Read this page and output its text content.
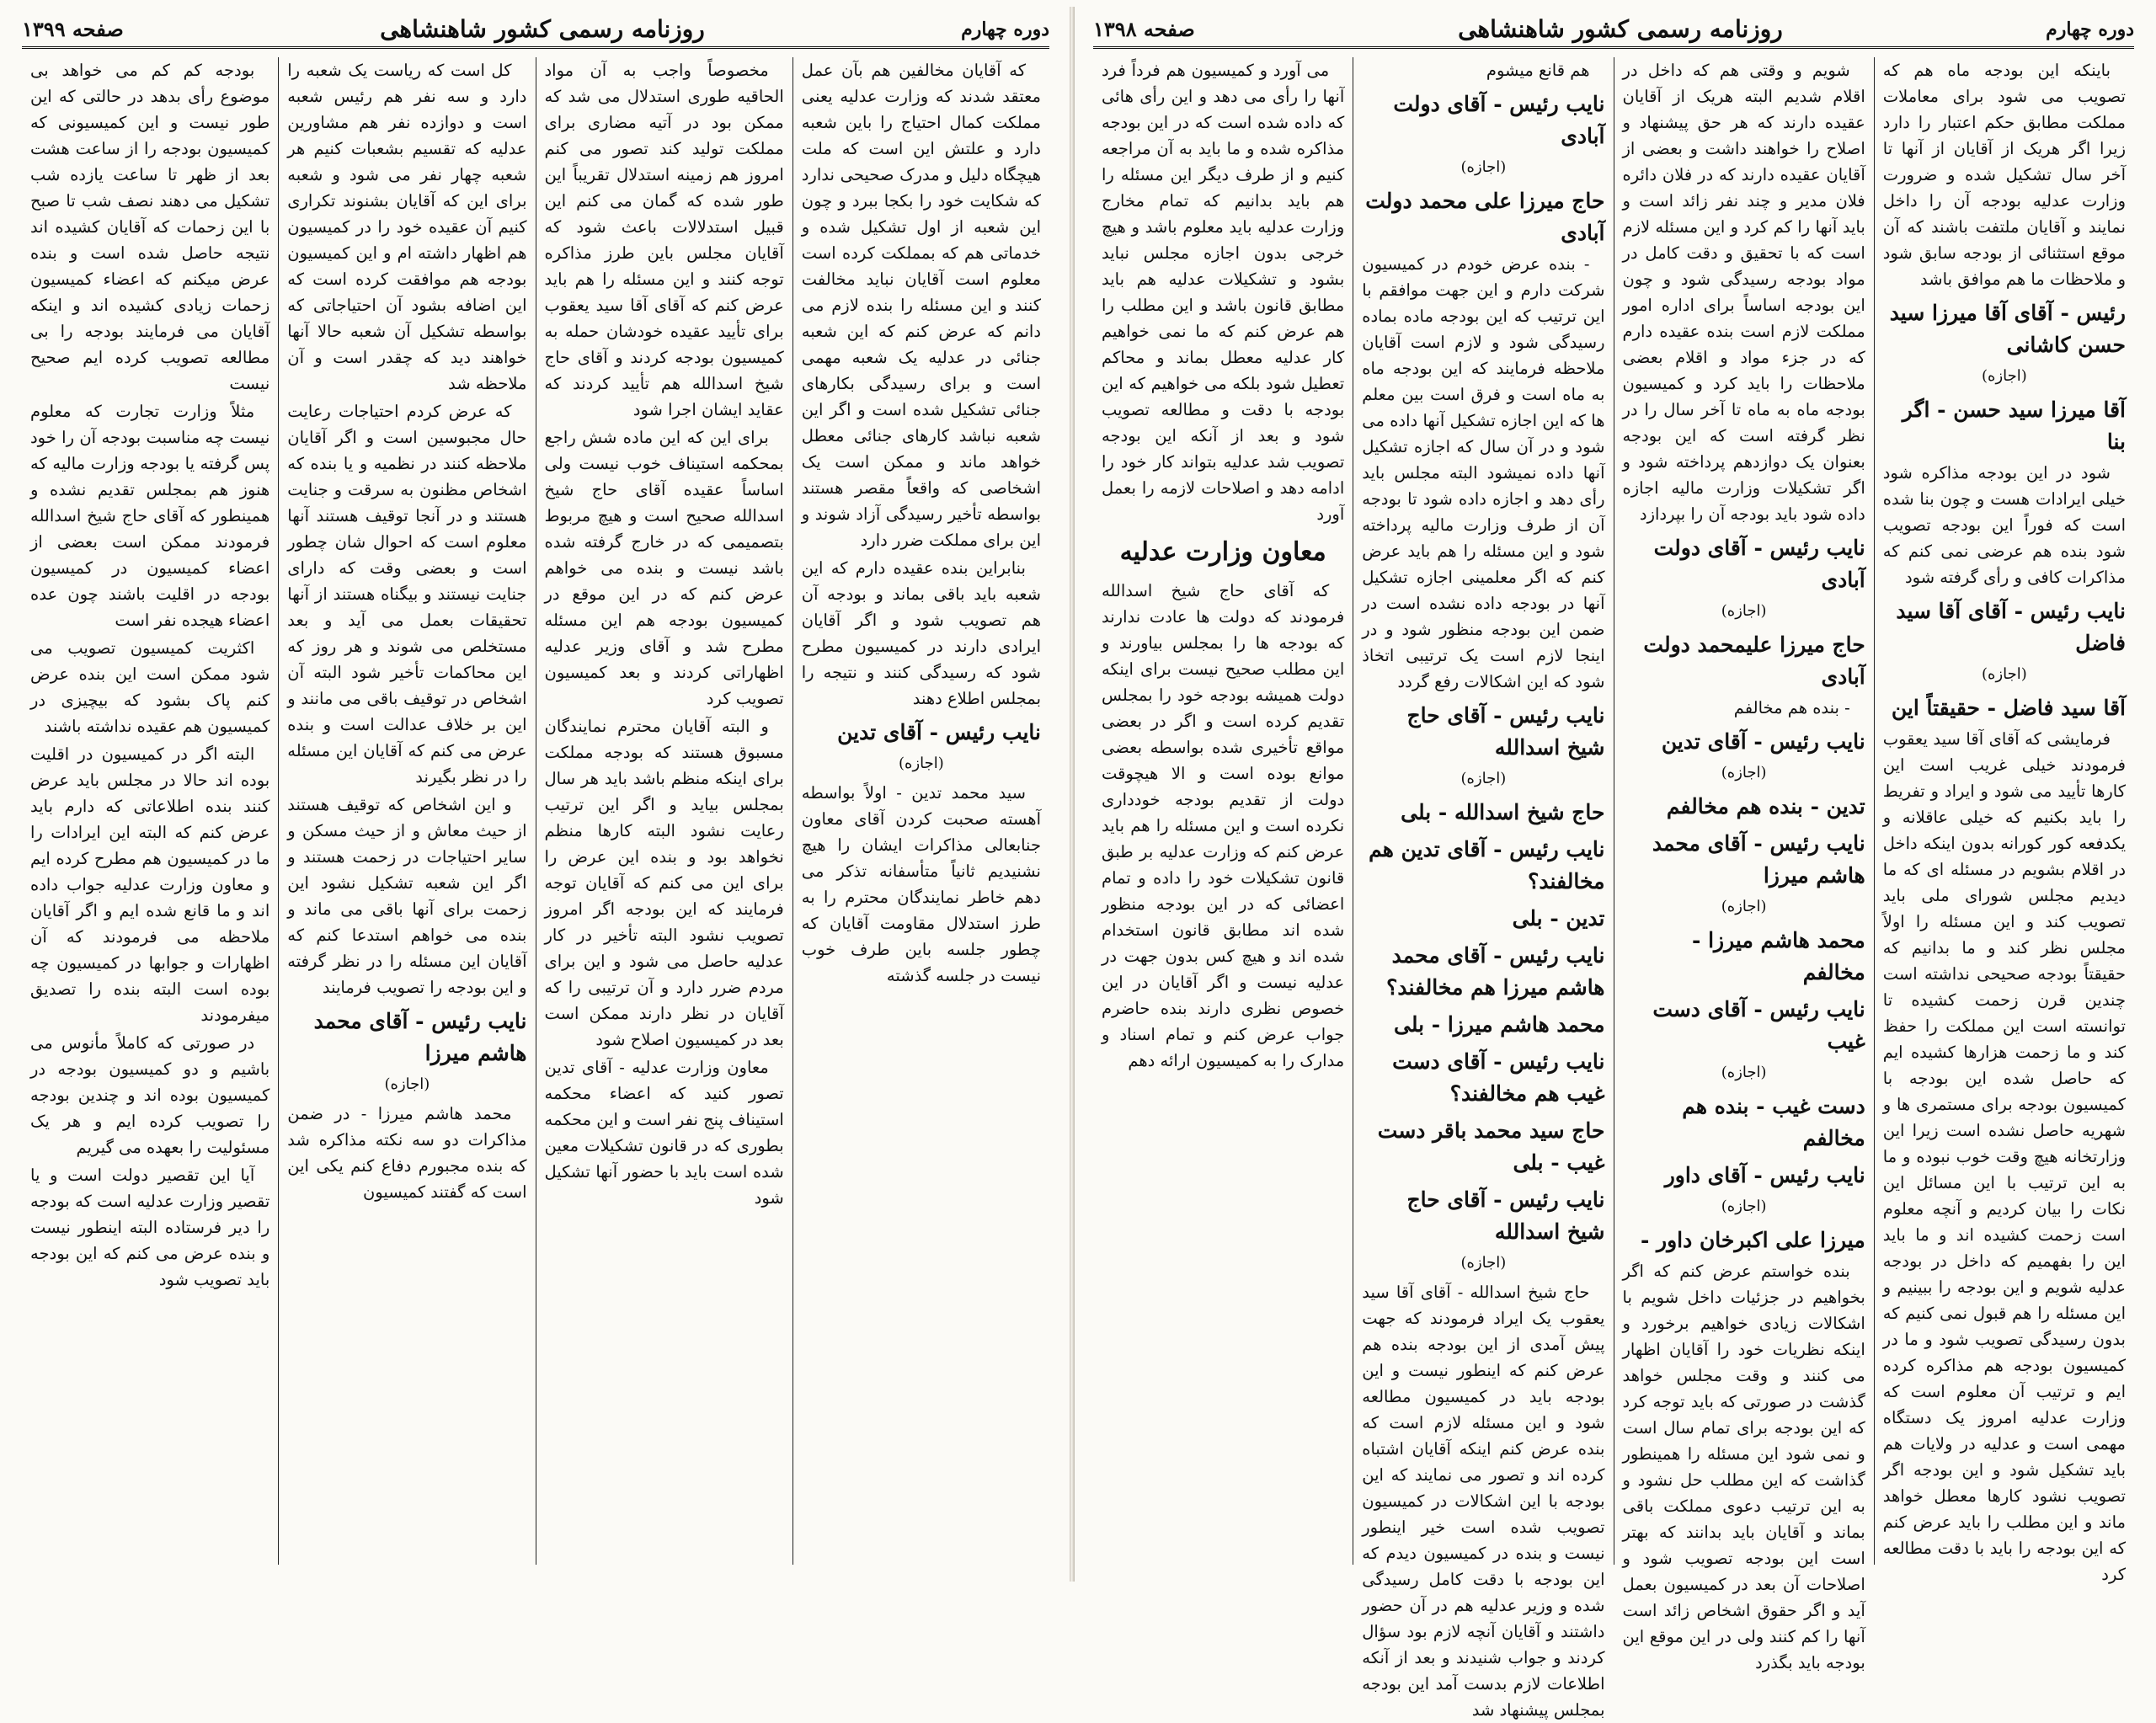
صفحه ۱۳۹۹	روزنامه رسمی کشور شاهنشاهی	دوره چهارم

که آقایان مخالفین هم بآن عمل معتقد شدند که وزارت عدلیه یعنی مملکت کمال احتیاج را باین شعبه دارد و علتش این است که ملت هیچگاه دلیل و مدرک صحیحی ندارد که شکایت خود را بکجا ببرد و چون این شعبه از اول تشکیل شده و خدماتی هم که بمملکت کرده است معلوم است آقایان نباید مخالفت کنند و این مسئله را بنده لازم می دانم که عرض کنم که این شعبه جنائی در عدلیه یک شعبه مهمی است و برای رسیدگی بکارهای جنائی تشکیل شده است و اگر این شعبه نباشد کارهای جنائی معطل خواهد ماند و ممکن است یک اشخاصی که واقعاً مقصر هستند بواسطه تأخیر رسیدگی آزاد شوند و این برای مملکت ضرر دارد

بنابراین بنده عقیده دارم که این شعبه باید باقی بماند و بودجه آن هم تصویب شود و اگر آقایان ایرادی دارند در کمیسیون مطرح شود که رسیدگی کنند و نتیجه را بمجلس اطلاع دهند

نایب رئیس - آقای تدین

(اجازه)

سید محمد تدین - اولاً بواسطه آهسته صحبت کردن آقای معاون جنابعالی مذاکرات ایشان را هیچ نشنیدیم ثانیاً متأسفانه تذکر می دهم خاطر نمایندگان محترم را به طرز استدلال مقاومت آقایان که چطور جلسه باین طرف خوب نیست در جلسه گذشته

مخصوصاً واجب به آن مواد الحاقیه طوری استدلال می شد که ممکن بود در آتیه مضاری برای مملکت تولید کند تصور می کنم امروز هم زمینه استدلال تقریباً این طور شده که گمان می کنم این قبیل استدلالات باعث شود که آقایان مجلس باین طرز مذاکره توجه کنند و این مسئله را هم باید عرض کنم که آقای آقا سید یعقوب برای تأیید عقیده خودشان حمله به کمیسیون بودجه کردند و آقای حاج شیخ اسدالله هم تأیید کردند که عقاید ایشان اجرا شود

برای این که این ماده شش راجع بمحکمه استیناف خوب نیست ولی اساساً عقیده آقای حاج شیخ اسدالله صحیح است و هیچ مربوط بتصمیمی که در خارج گرفته شده باشد نیست و بنده می خواهم عرض کنم که در این موقع در کمیسیون بودجه هم این مسئله مطرح شد و آقای وزیر عدلیه اظهاراتی کردند و بعد کمیسیون تصویب کرد

و البته آقایان محترم نمایندگان مسبوق هستند که بودجه مملکت برای اینکه منظم باشد باید هر سال بمجلس بیاید و اگر این ترتیب رعایت نشود البته کارها منظم نخواهد بود و بنده این عرض را برای این می کنم که آقایان توجه فرمایند که این بودجه اگر امروز تصویب نشود البته تأخیر در کار عدلیه حاصل می شود و این برای مردم ضرر دارد و آن ترتیبی را که آقایان در نظر دارند ممکن است بعد در کمیسیون اصلاح شود

معاون وزارت عدلیه - آقای تدین تصور کنید که اعضاء محکمه استیناف پنج نفر است و این محکمه بطوری که در قانون تشکیلات معین شده است باید با حضور آنها تشکیل شود

کل است که ریاست یک شعبه را دارد و سه نفر هم رئیس شعبه است و دوازده نفر هم مشاورین عدلیه که تقسیم بشعبات کنیم هر شعبه چهار نفر می شود و شعبه برای این که آقایان بشنوند تکراری کنیم آن عقیده خود را در کمیسیون هم اظهار داشته ام و این کمیسیون بودجه هم موافقت کرده است که این اضافه بشود آن احتیاجاتی که بواسطه تشکیل آن شعبه حالا آنها خواهند دید که چقدر است و آن ملاحظه شد

که عرض کردم احتیاجات رعایت حال مجبوسین است و اگر آقایان ملاحظه کنند در نظمیه و یا بنده که اشخاص مظنون به سرقت و جنایت هستند و در آنجا توقیف هستند آنها معلوم است که احوال شان چطور است و بعضی وقت که دارای جنایت نیستند و بیگناه هستند از آنها تحقیقات بعمل می آید و بعد مستخلص می شوند و هر روز که این محاکمات تأخیر شود البته آن اشخاص در توقیف باقی می مانند و این بر خلاف عدالت است و بنده عرض می کنم که آقایان این مسئله را در نظر بگیرند

و این اشخاص که توقیف هستند از حیث معاش و از حیث مسکن و سایر احتیاجات در زحمت هستند و اگر این شعبه تشکیل نشود این زحمت برای آنها باقی می ماند و بنده می خواهم استدعا کنم که آقایان این مسئله را در نظر گرفته و این بودجه را تصویب فرمایند

نایب رئیس - آقای محمد هاشم میرزا

(اجازه)

محمد هاشم میرزا - در ضمن مذاکرات دو سه نکته مذاکره شد که بنده مجبورم دفاع کنم یکی این است که گفتند کمیسیون

بودجه کم کم می خواهد بی موضوع رأی بدهد در حالتی که این طور نیست و این کمیسیونی که کمیسیون بودجه را از ساعت هشت بعد از ظهر تا ساعت یازده شب تشکیل می دهند نصف شب تا صبح با این زحمات که آقایان کشیده اند نتیجه حاصل شده است و بنده عرض میکنم که اعضاء کمیسیون زحمات زیادی کشیده اند و اینکه آقایان می فرمایند بودجه را بی مطالعه تصویب کرده ایم صحیح نیست

مثلاً وزارت تجارت که معلوم نیست چه مناسبت بودجه آن را خود پس گرفته یا بودجه وزارت مالیه که هنوز هم بمجلس تقدیم نشده و همینطور که آقای حاج شیخ اسدالله فرمودند ممکن است بعضی از اعضاء کمیسیون در کمیسیون بودجه در اقلیت باشند چون عده اعضاء هیجده نفر است

اکثریت کمیسیون تصویب می شود ممکن است این بنده عرض کنم پاک بشود که بیچیزی در کمیسیون هم عقیده نداشته باشند

البته اگر در کمیسیون در اقلیت بوده اند حالا در مجلس باید عرض کنند بنده اطلاعاتی که دارم باید عرض کنم که البته این ایرادات را ما در کمیسیون هم مطرح کرده ایم و معاون وزارت عدلیه جواب داده اند و ما قانع شده ایم و اگر آقایان ملاحظه می فرمودند که آن اظهارات و جوابها در کمیسیون چه بوده است البته بنده را تصدیق میفرمودند

در صورتی که کاملاً مأنوس می باشیم و دو کمیسیون بودجه در کمیسیون بوده اند و چندین بودجه را تصویب کرده ایم و هر یک مسئولیت را بعهده می گیریم

آیا این تقصیر دولت است و یا تقصیر وزارت عدلیه است که بودجه را دیر فرستاده البته اینطور نیست و بنده عرض می کنم که این بودجه باید تصویب شود

صفحه ۱۳۹۸	روزنامه رسمی کشور شاهنشاهی	دوره چهارم

باینکه این بودجه ماه هم که تصویب می شود برای معاملات مملکت مطابق حکم اعتبار را دارد زیرا اگر هریک از آقایان از آنها تا آخر سال تشکیل شده و ضرورت وزارت عدلیه بودجه آن را داخل نمایند و آقایان ملتفت باشند که آن موقع استثنائی از بودجه سابق شود و ملاحظات ما هم موافق باشد

رئیس - آقای آقا میرزا سید حسن کاشانی

(اجازه)

آقا میرزا سید حسن - اگر بنا

شود در این بودجه مذاکره شود خیلی ایرادات هست و چون بنا شده است که فوراً این بودجه تصویب شود بنده هم عرضی نمی کنم که مذاکرات کافی و رأی گرفته شود

نایب رئیس - آقای آقا سید فاضل

(اجازه)

آقا سید فاضل - حقیقتاً این

فرمایشی که آقای آقا سید یعقوب فرمودند خیلی غریب است این کارها تأیید می شود و ایراد و تفریط را باید بکنیم که خیلی عاقلانه و یکدفعه کور کورانه بدون اینکه داخل در اقلام بشویم در مسئله ای که ما دیدیم مجلس شورای ملی باید تصویب کند و این مسئله را اولاً مجلس نظر کند و ما بدانیم که حقیقتاً بودجه صحیحی نداشته است چندین قرن زحمت کشیده تا توانسته است این مملکت را حفظ کند و ما زحمت هزارها کشیده ایم که حاصل شده این بودجه با کمیسیون بودجه برای مستمری ها و شهریه حاصل نشده است زیرا این وزارتخانه هیچ وقت خوب نبوده و ما به این ترتیب با این مسائل این نکات را بیان کردیم و آنچه معلوم است زحمت کشیده اند و ما باید این را بفهمیم که داخل در بودجه عدلیه شویم و این بودجه را ببینیم و این مسئله را هم قبول نمی کنیم که بدون رسیدگی تصویب شود و ما در کمیسیون بودجه هم مذاکره کرده ایم و ترتیب آن معلوم است که وزارت عدلیه امروز یک دستگاه مهمی است و عدلیه در ولایات هم باید تشکیل شود و این بودجه اگر تصویب نشود کارها معطل خواهد ماند و این مطلب را باید عرض کنم که این بودجه را باید با دقت مطالعه کرد

شویم و وقتی هم که داخل در اقلام شدیم البته هریک از آقایان عقیده دارند که هر حق پیشنهاد و اصلاح را خواهند داشت و بعضی از آقایان عقیده دارند که در فلان دائره فلان مدیر و چند نفر زائد است و باید آنها را کم کرد و این مسئله لازم است که با تحقیق و دقت کامل در مواد بودجه رسیدگی شود و چون این بودجه اساساً برای اداره امور مملکت لازم است بنده عقیده دارم که در جزء مواد و اقلام بعضی ملاحظات را باید کرد و کمیسیون بودجه ماه به ماه تا آخر سال را در نظر گرفته است که این بودجه بعنوان یک دوازدهم پرداخته شود و اگر تشکیلات وزارت مالیه اجازه داده شود باید بودجه آن را بپردازد

نایب رئیس - آقای دولت آبادی

(اجازه)

حاج میرزا علیمحمد دولت آبادی

- بنده هم مخالفم

نایب رئیس - آقای تدین

(اجازه)

تدین - بنده هم مخالفم

نایب رئیس - آقای محمد هاشم میرزا

(اجازه)

محمد هاشم میرزا - مخالفم

نایب رئیس - آقای دست غیب

(اجازه)

دست غیب - بنده هم مخالفم

نایب رئیس - آقای داور

(اجازه)

میرزا علی اکبرخان داور -

بنده خواستم عرض کنم که اگر بخواهیم در جزئیات داخل شویم با اشکالات زیادی خواهیم برخورد و اینکه نظریات خود را آقایان اظهار می کنند و وقت مجلس خواهد گذشت در صورتی که باید توجه کرد که این بودجه برای تمام سال است و نمی شود این مسئله را همینطور گذاشت که این مطلب حل نشود و به این ترتیب دعوی مملکت باقی بماند و آقایان باید بدانند که بهتر است این بودجه تصویب شود و اصلاحات آن بعد در کمیسیون بعمل آید و اگر حقوق اشخاص زائد است آنها را کم کنند ولی در این موقع این بودجه باید بگذرد

هم قانع میشوم

نایب رئیس - آقای دولت آبادی

(اجازه)

حاج میرزا علی محمد دولت آبادی

- بنده عرض خودم در کمیسیون شرکت دارم و این جهت موافقم با این ترتیب که این بودجه ماده بماده رسیدگی شود و لازم است آقایان ملاحظه فرمایند که این بودجه ماه به ماه است و فرق است بین معلم ها که این اجازه تشکیل آنها داده می شود و در آن سال که اجازه تشکیل آنها داده نمیشود البته مجلس باید رأی دهد و اجازه داده شود تا بودجه آن از طرف وزارت مالیه پرداخته شود و این مسئله را هم باید عرض کنم که اگر معلمینی اجازه تشکیل آنها در بودجه داده نشده است در ضمن این بودجه منظور شود و در اینجا لازم است یک ترتیبی اتخاذ شود که این اشکالات رفع گردد

نایب رئیس - آقای حاج شیخ اسدالله

(اجازه)

حاج شیخ اسدالله - بلی

نایب رئیس - آقای تدین هم مخالفند؟

تدین - بلی

نایب رئیس - آقای محمد هاشم میرزا هم مخالفند؟

محمد هاشم میرزا - بلی

نایب رئیس - آقای دست غیب هم مخالفند؟

حاج سید محمد باقر دست غیب - بلی

نایب رئیس - آقای حاج شیخ اسدالله

(اجازه)

حاج شیخ اسدالله - آقای آقا سید یعقوب یک ایراد فرمودند که جهت پیش آمدی از این بودجه بنده هم عرض کنم که اینطور نیست و این بودجه باید در کمیسیون مطالعه شود و این مسئله لازم است که بنده عرض کنم اینکه آقایان اشتباه کرده اند و تصور می نمایند که این بودجه با این اشکالات در کمیسیون تصویب شده است خیر اینطور نیست و بنده در کمیسیون دیدم که این بودجه با دقت کامل رسیدگی شده و وزیر عدلیه هم در آن حضور داشتند و آقایان آنچه لازم بود سؤال کردند و جواب شنیدند و بعد از آنکه اطلاعات لازم بدست آمد این بودجه بمجلس پیشنهاد شد

می آورد و کمیسیون هم فرداً فرد آنها را رأی می دهد و این رأی هائی که داده شده است که در این بودجه مذاکره شده و ما باید به آن مراجعه کنیم و از طرف دیگر این مسئله را هم باید بدانیم که تمام مخارج وزارت عدلیه باید معلوم باشد و هیچ خرجی بدون اجازه مجلس نباید بشود و تشکیلات عدلیه هم باید مطابق قانون باشد و این مطلب را هم عرض کنم که ما نمی خواهیم کار عدلیه معطل بماند و محاکم تعطیل شود بلکه می خواهیم که این بودجه با دقت و مطالعه تصویب شود و بعد از آنکه این بودجه تصویب شد عدلیه بتواند کار خود را ادامه دهد و اصلاحات لازمه را بعمل آورد

معاون وزارت عدلیه

که آقای حاج شیخ اسدالله فرمودند که دولت ها عادت ندارند که بودجه ها را بمجلس بیاورند و این مطلب صحیح نیست برای اینکه دولت همیشه بودجه خود را بمجلس تقدیم کرده است و اگر در بعضی مواقع تأخیری شده بواسطه بعضی موانع بوده است و الا هیچوقت دولت از تقدیم بودجه خودداری نکرده است و این مسئله را هم باید عرض کنم که وزارت عدلیه بر طبق قانون تشکیلات خود را داده و تمام اعضائی که در این بودجه منظور شده اند مطابق قانون استخدام شده اند و هیچ کس بدون جهت در عدلیه نیست و اگر آقایان در این خصوص نظری دارند بنده حاضرم جواب عرض کنم و تمام اسناد و مدارک را به کمیسیون ارائه دهم
